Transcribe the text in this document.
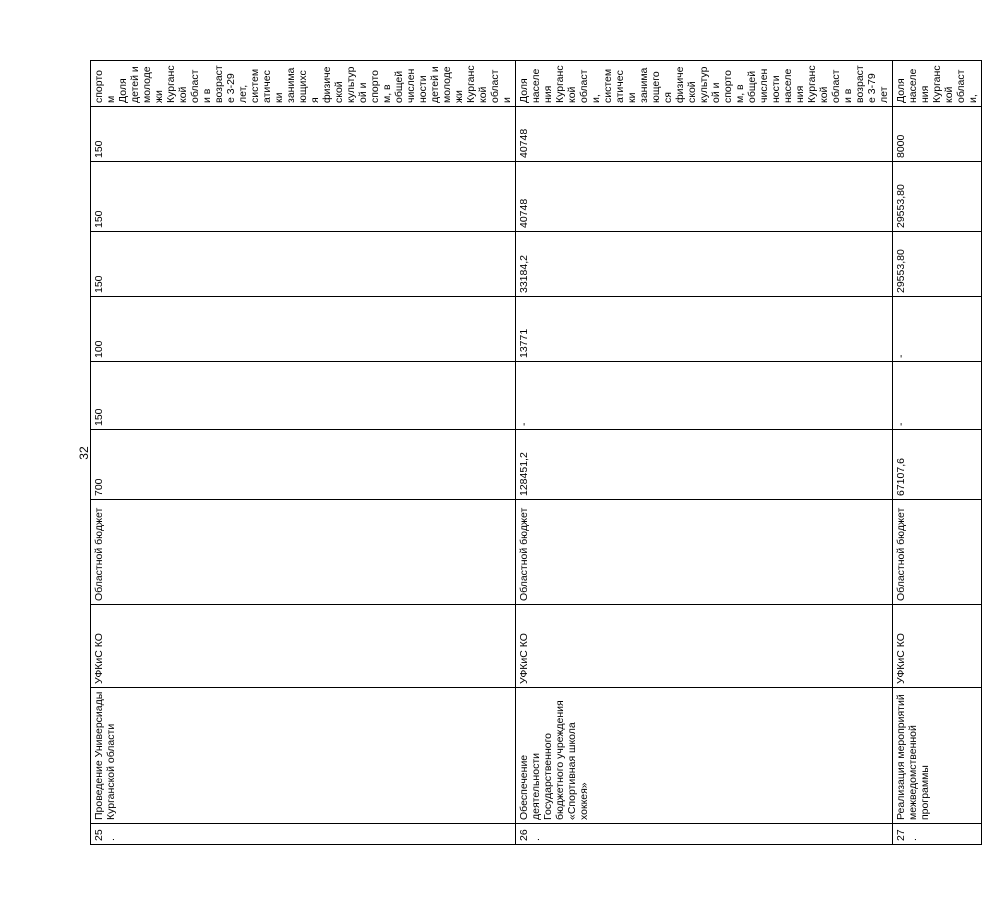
32
25.	Проведение Универсиады Курганской области	УФКиС КО	Областной бюджет	700	150	100	150	150	150	спортом
Доля детей и молодежи Курганской области в возрасте 3-29 лет, систематичес ки занимающихс я физической культурой и спортом, в общей численности детей и молодежи Курганской области

26.	Обеспечение деятельности Государственного бюджетного учреждения «Спортивная школа хоккея»	УФКиС КО	Областной бюджет	128451,2	-	13771	33184,2	40748	40748	Доля населения Курганской области, систематичес ки занимающего ся физической культурой и спортом, в общей численности населения Курганской области в возрасте 3-79 лет

27.	Реализация мероприятий межведомственной программы	УФКиС КО	Областной бюджет	67107,6	-	-	29553,80	29553,80	8000	Доля населения Курганской области,
